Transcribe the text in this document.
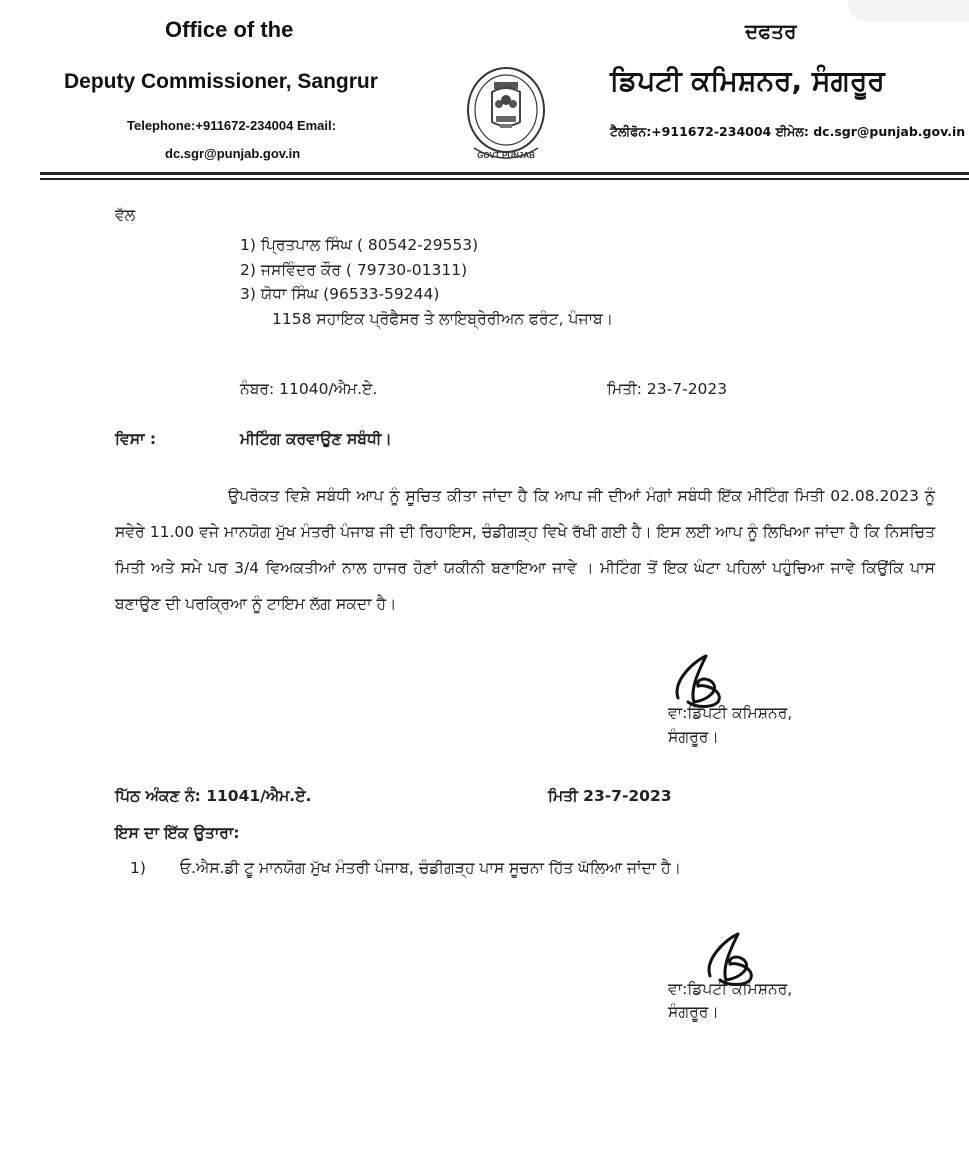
Office of the
Deputy Commissioner, Sangrur
Telephone:+911672-234004 Email:
dc.sgr@punjab.gov.in	GOVT PUNJAB
ਦਫਤਰ
ਡਿਪਟੀ ਕਮਿਸ਼ਨਰ, ਸੰਗਰੂਰ
ਟੈਲੀਫੋਨ:+911672-234004 ਈਮੇਲ: dc.sgr@punjab.gov.in
ਵੱਲ
1) ਪ੍ਰਿਤਪਾਲ ਸਿੰਘ ( 80542-29553)
2) ਜਸਵਿੰਦਰ ਕੌਰ ( 79730-01311)
3) ਯੋਧਾ ਸਿੰਘ (96533-59244)
1158 ਸਹਾਇਕ ਪ੍ਰੋਫੈਸਰ ਤੇ ਲਾਇਬ੍ਰੇਰੀਅਨ ਫਰੰਟ, ਪੰਜਾਬ।
ਨੰਬਰ: 11040/ਐਮ.ਏ.	ਮਿਤੀ: 23-7-2023
ਵਿਸਾ :	ਮੀਟਿੰਗ ਕਰਵਾਉਣ ਸਬੰਧੀ।
ਉਪਰੋਕਤ ਵਿਸ਼ੇ ਸਬੰਧੀ ਆਪ ਨੂੰ ਸੂਚਿਤ ਕੀਤਾ ਜਾਂਦਾ ਹੈ ਕਿ ਆਪ ਜੀ ਦੀਆਂ ਮੰਗਾਂ ਸਬੰਧੀ ਇੱਕ ਮੀਟਿੰਗ ਮਿਤੀ 02.08.2023 ਨੂੰ ਸਵੇਰੇ 11.00 ਵਜੇ ਮਾਨਯੋਗ ਮੁੱਖ ਮੰਤਰੀ ਪੰਜਾਬ ਜੀ ਦੀ ਰਿਹਾਇਸ, ਚੰਡੀਗੜ੍ਹ ਵਿਖੇ ਰੱਖੀ ਗਈ ਹੈ। ਇਸ ਲਈ ਆਪ ਨੂੰ ਲਿਖਿਆ ਜਾਂਦਾ ਹੈ ਕਿ ਨਿਸਚਿਤ ਮਿਤੀ ਅਤੇ ਸਮੇ ਪਰ 3/4 ਵਿਅਕਤੀਆਂ ਨਾਲ ਹਾਜਰ ਹੋਣਾਂ ਯਕੀਨੀ ਬਣਾਇਆ ਜਾਵੇ । ਮੀਟਿੰਗ ਤੋਂ ਇਕ ਘੰਟਾ ਪਹਿਲਾਂ ਪਹੁੰਚਿਆ ਜਾਵੇ ਕਿਉਂਕਿ ਪਾਸ ਬਣਾਉਣ ਦੀ ਪਰਕ੍ਰਿਆ ਨੂੰ ਟਾਇਮ ਲੱਗ ਸਕਦਾ ਹੈ।
ਵਾ:ਡਿਪਟੀ ਕਮਿਸ਼ਨਰ,
ਸੰਗਰੂਰ।
ਪਿੱਠ ਅੰਕਣ ਨੰ: 11041/ਐਮ.ਏ.	ਮਿਤੀ 23-7-2023
ਇਸ ਦਾ ਇੱਕ ਉਤਾਰਾ:
1) ਓ.ਐਸ.ਡੀ ਟੂ ਮਾਨਯੋਗ ਮੁੱਖ ਮੰਤਰੀ ਪੰਜਾਬ, ਚੰਡੀਗੜ੍ਹ ਪਾਸ ਸੂਚਨਾ ਹਿੱਤ ਘੱਲਿਆ ਜਾਂਦਾ ਹੈ।
ਵਾ:ਡਿਪਟੀ ਕਮਿਸ਼ਨਰ,
ਸੰਗਰੂਰ।
